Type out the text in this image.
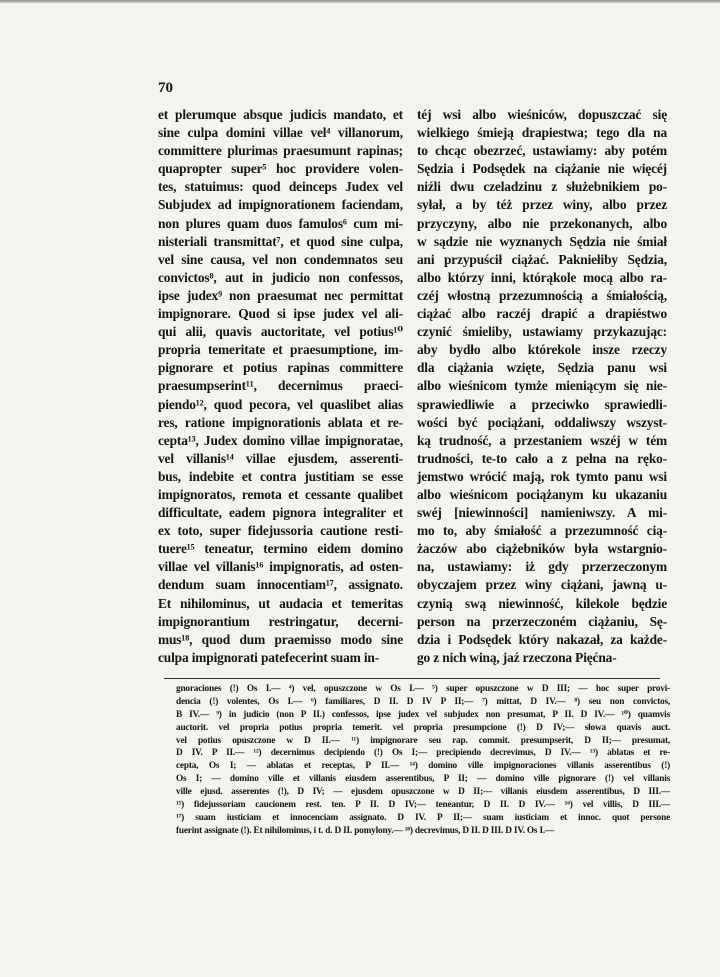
70
et plerumque absque judicis mandato, et
sine culpa domini villae vel⁴ villanorum,
committere plurimas praesumunt rapinas;
quapropter super⁵ hoc providere volen-
tes, statuimus: quod deinceps Judex vel
Subjudex ad impignorationem faciendam,
non plures quam duos famulos⁶ cum mi-
nisteriali transmittat⁷, et quod sine culpa,
vel sine causa, vel non condemnatos seu
convictos⁸, aut in judicio non confessos,
ipse judex⁹ non praesumat nec permittat
impignorare. Quod si ipse judex vel ali-
qui alii, quavis auctoritate, vel potius¹⁰
propria temeritate et praesumptione, im-
pignorare et potius rapinas committere
praesumpserint¹¹, decernimus praeci-
piendo¹², quod pecora, vel quaslibet alias
res, ratione impignorationis ablata et re-
cepta¹³, Judex domino villae impignoratae,
vel villanis¹⁴ villae ejusdem, asserenti-
bus, indebite et contra justitiam se esse
impignoratos, remota et cessante qualibet
difficultate, eadem pignora integraliter et
ex toto, super fidejussoria cautione resti-
tuere¹⁵ teneatur, termino eidem domino
villae vel villanis¹⁶ impignoratis, ad osten-
dendum suam innocentiam¹⁷, assignato.
Et nihilominus, ut audacia et temeritas
impignorantium restringatur, decerni-
mus¹⁸, quod dum praemisso modo sine
culpa impignorati patefecerint suam in-
téj wsi albo wieśniców, dopuszczać się
wielkiego śmieją drapiestwa; tego dla na
to chcąc obezrzeć, ustawiamy: aby potém
Sędzia i Podsędek na ciążanie nie więcéj
niźli dwu czeladzinu z służebnikiem po-
syłał, a by téż przez winy, albo przez
przyczyny, albo nie przekonanych, albo
w sądzie nie wyznanych Sędzia nie śmiał
ani przypuścił ciążać. Pakniełiby Sędzia,
albo którzy inni, którąkole mocą albo ra-
czéj włostną przezumnością a śmiałością,
ciążać albo raczéj drapić a drapiéstwo
czynić śmieliby, ustawiamy przykazując:
aby bydło albo którekole insze rzeczy
dla ciążania wzięte, Sędzia panu wsi
albo wieśnicom tymże mieniącym się nie-
sprawiedliwie a przeciwko sprawiedli-
wości być pociążani, oddaliwszy wszyst-
ką trudność, a przestaniem wszéj w tém
trudności, te-to cało a z pełna na ręko-
jemstwo wrócić mają, rok tymto panu wsi
albo wieśnicom pociążanym ku ukazaniu
swéj [niewinności] namieniwszy. A mi-
mo to, aby śmiałość a przezumność cią-
żaczów abo ciążebników była wstargnio-
na, ustawiamy: iż gdy przerzeczonym
obyczajem przez winy ciążani, jawną u-
czynią swą niewinność, kilekole będzie
person na przerzeczoném ciążaniu, Sę-
dzia i Podsędek który nakazał, za każde-
go z nich winą, jaź rzeczona Pięćna-
gnoraciones (!) Os I.— ⁴) vel, opuszczone w Os I.— ⁵) super opuszczone w D III; — hoc super provi-
dencia (!) volentes, Os I.— ⁶) familiares, D II. D IV P II;— ⁷) mittat, D IV.— ⁸) seu non convictos,
B IV.— ⁹) in judicio (non P II.) confessos, ipse judex vel subjudex non presumat, P II. D IV.— ¹⁰) quamvis
auctorit. vel propria potius propria temerit. vel propria presumpcione (!) D IV;— słowa quavis auct.
vel potius opuszczone w D II.— ¹¹) impignorare seu rap. commit. presumpserit, D II;— presumat,
D IV. P II.— ¹²) decernimus decipiendo (!) Os I;— precipiendo decrevimus, D IV.— ¹³) ablatas et re-
cepta, Os I; — ablatas et receptas, P II.— ¹⁴) domino ville impignoraciones villanis asserentibus (!)
Os I; — domino ville et villanis eiusdem asserentibus, P II; — domino ville pignorare (!) vel villanis
ville ejusd. asserentes (!), D IV; — ejusdem opuszczone w D II;— villanis eiusdem asserentibus, D III.—
¹⁵) fidejussoriam caucionem rest. ten. P II. D IV;— teneantur, D II. D IV.— ¹⁶) vel villis, D III.—
¹⁷) suam iusticiam et innocenciam assignato. D IV. P II;— suam iusticiam et innoc. quot persone
fuerint assignate (!). Et nihilominus, i t. d. D II. pomylony.— ¹⁸) decrevimus, D II. D III. D IV. Os I.—
